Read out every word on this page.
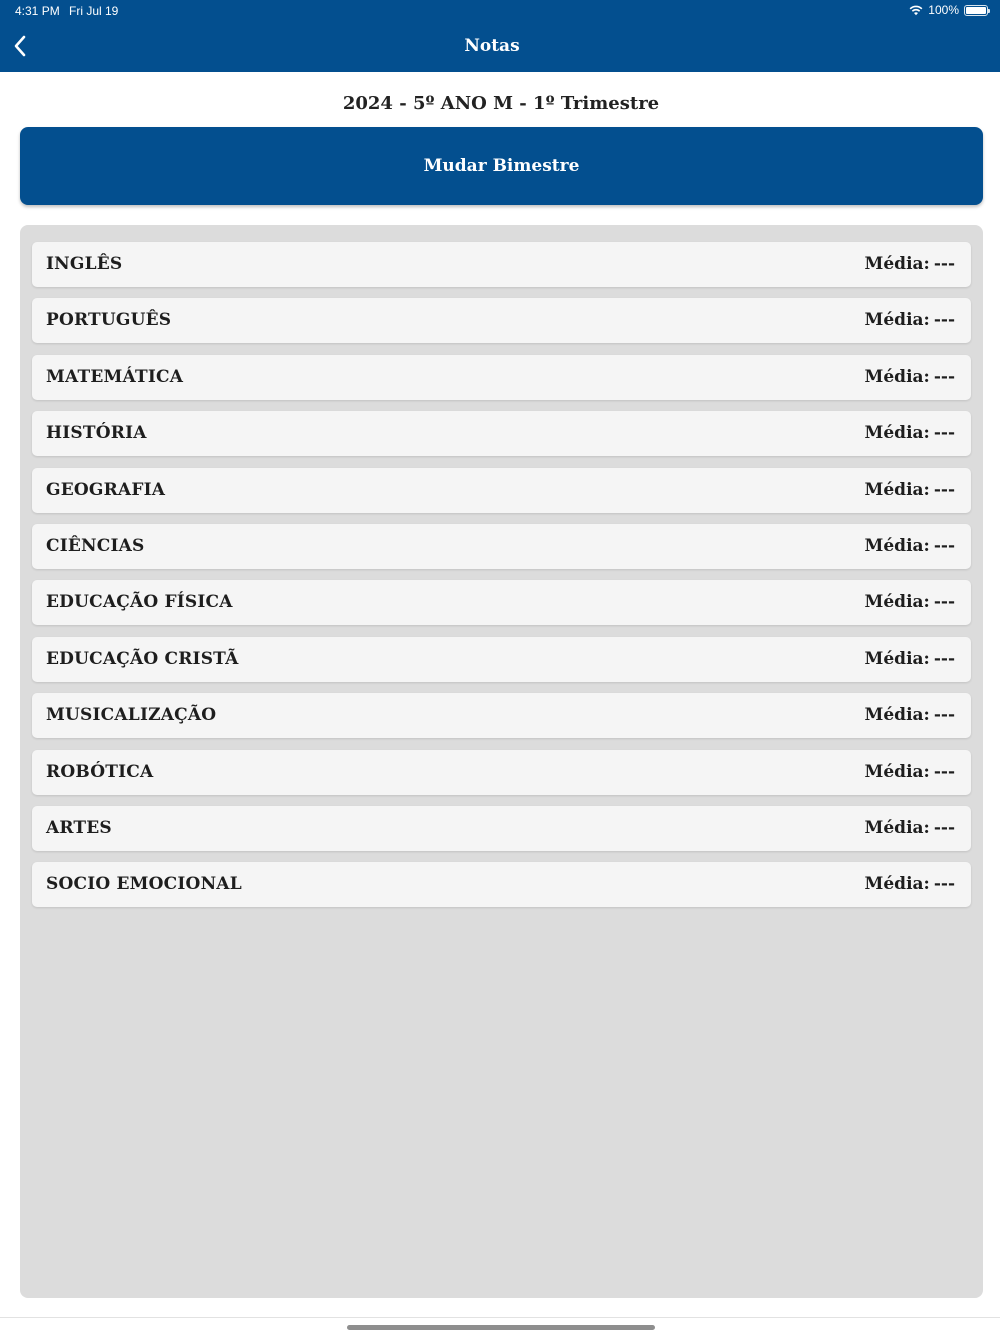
4:31 PM Fri Jul 19	100%
Notas
2024 - 5º ANO M - 1º Trimestre
Mudar Bimestre
INGLÊS	Média: ---
PORTUGUÊS	Média: ---
MATEMÁTICA	Média: ---
HISTÓRIA	Média: ---
GEOGRAFIA	Média: ---
CIÊNCIAS	Média: ---
EDUCAÇÃO FÍSICA	Média: ---
EDUCAÇÃO CRISTÃ	Média: ---
MUSICALIZAÇÃO	Média: ---
ROBÓTICA	Média: ---
ARTES	Média: ---
SOCIO EMOCIONAL	Média: ---
